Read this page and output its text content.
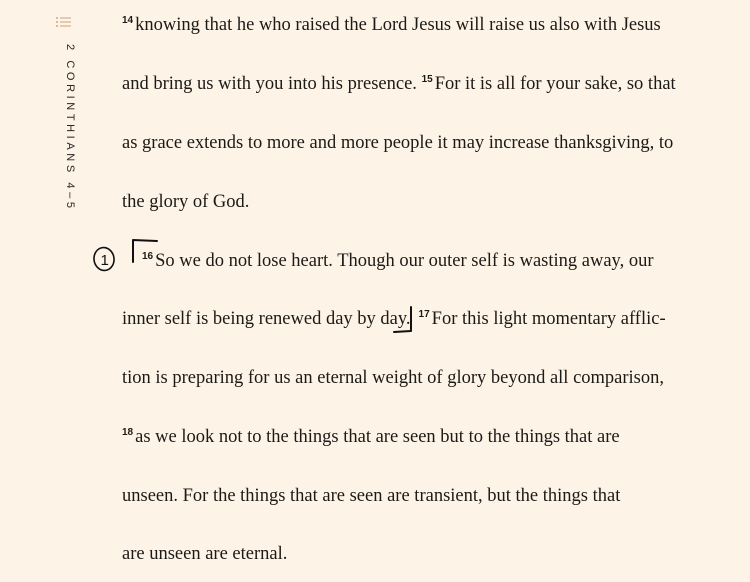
2 CORINTHIANS 4–5
$^{14}$ knowing that he who raised the Lord Jesus will raise us also with Jesus
and bring us with you into his presence. $^{15}$ For it is all for your sake, so that
as grace extends to more and more people it may increase thanksgiving, to
the glory of God.
$^{16}$ So we do not lose heart. Though our outer self is wasting away, our
inner self is being renewed day by day. $^{17}$ For this light momentary afflic-
tion is preparing for us an eternal weight of glory beyond all comparison,
$^{18}$ as we look not to the things that are seen but to the things that are
unseen. For the things that are seen are transient, but the things that
are unseen are eternal.
1
